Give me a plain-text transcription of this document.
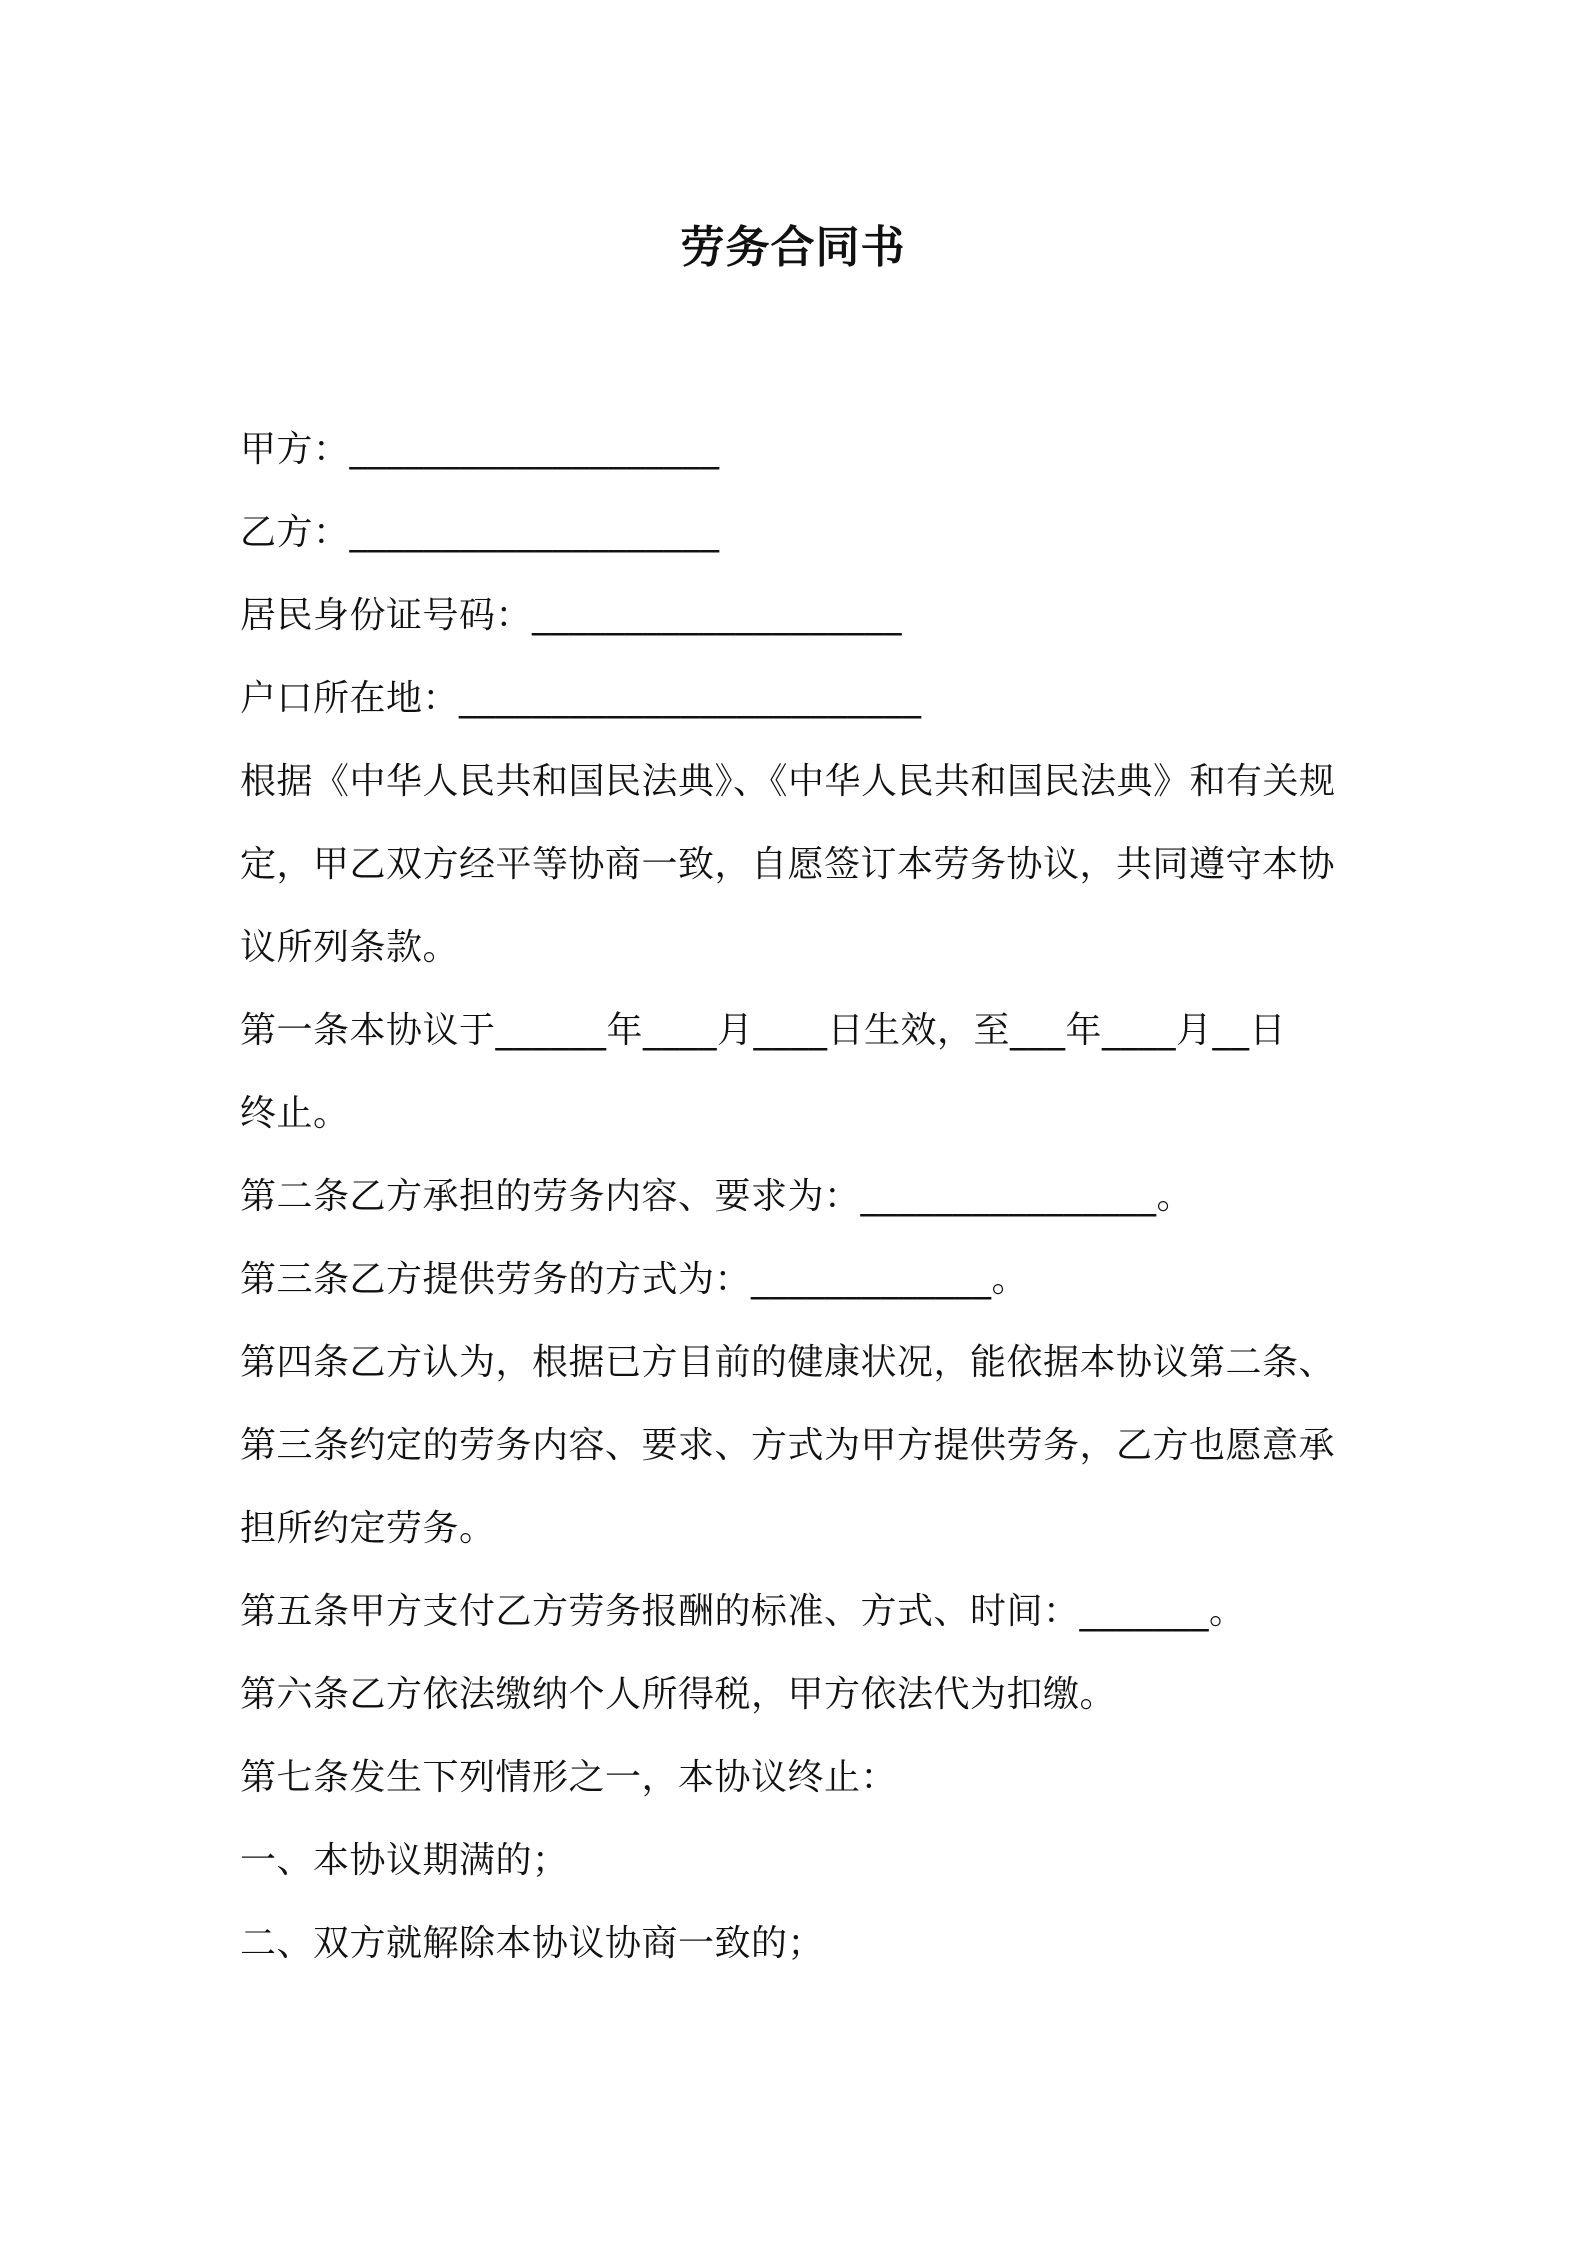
劳务合同书
甲方：____________________
乙方：____________________
居民身份证号码：____________________
户口所在地：_________________________
根据《中华人民共和国民法典》、《中华人民共和国民法典》和有关规
定，甲乙双方经平等协商一致，自愿签订本劳务协议，共同遵守本协
议所列条款。
第一条本协议于______年____月____日生效，至___年____月__日
终止。
第二条乙方承担的劳务内容、要求为：________________。
第三条乙方提供劳务的方式为：_____________。
第四条乙方认为，根据已方目前的健康状况，能依据本协议第二条、
第三条约定的劳务内容、要求、方式为甲方提供劳务，乙方也愿意承
担所约定劳务。
第五条甲方支付乙方劳务报酬的标准、方式、时间：_______。
第六条乙方依法缴纳个人所得税，甲方依法代为扣缴。
第七条发生下列情形之一，本协议终止：
一、本协议期满的；
二、双方就解除本协议协商一致的；
